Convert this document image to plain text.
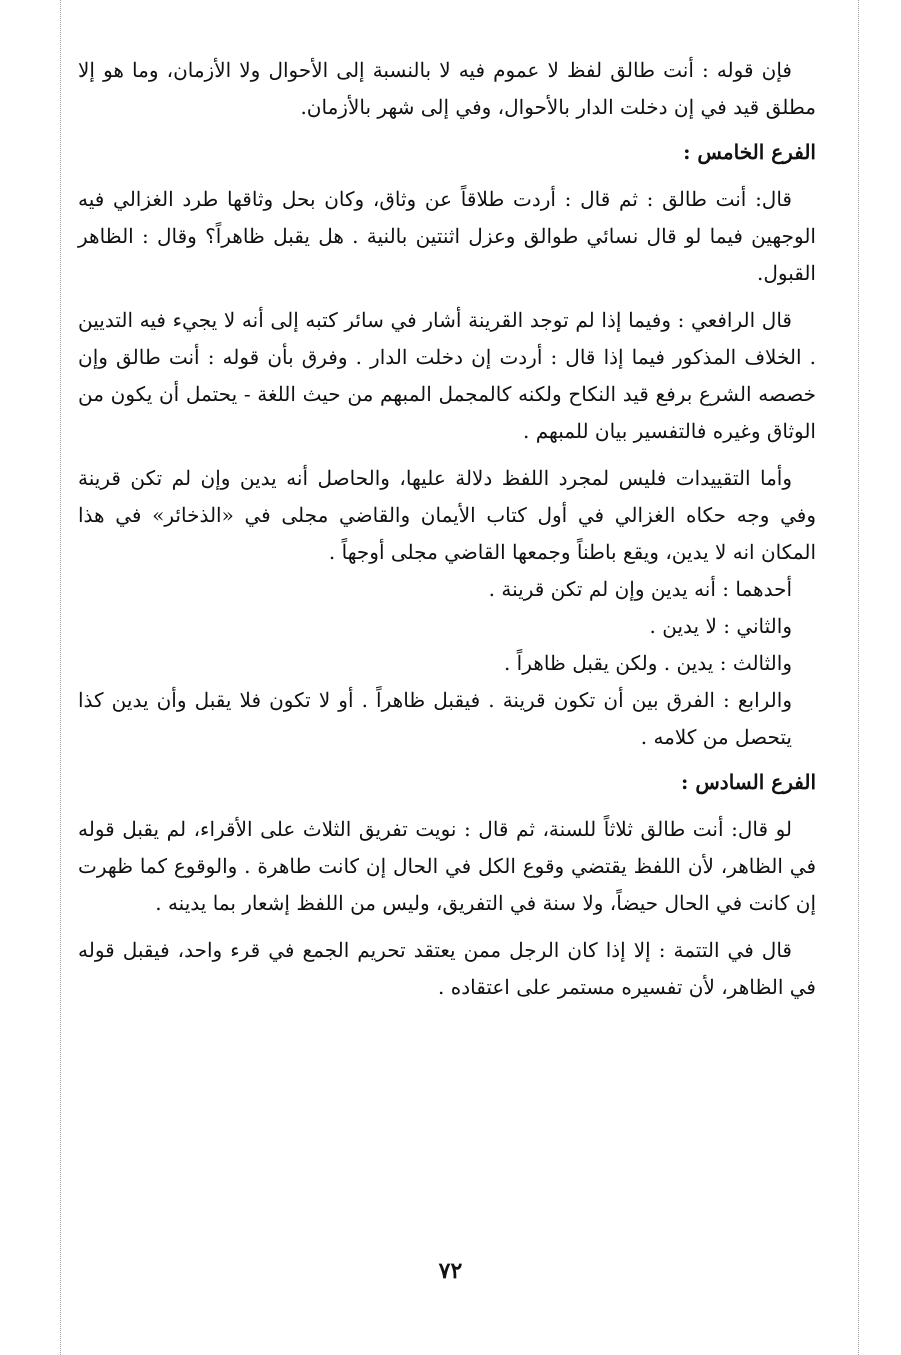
فإن قوله : أنت طالق لفظ لا عموم فيه لا بالنسبة إلى الأحوال ولا الأزمان، وما هو إلا مطلق قيد في إن دخلت الدار بالأحوال، وفي إلى شهر بالأزمان.

الفرع الخامس :

قال: أنت طالق : ثم قال : أردت طلاقاً عن وثاق، وكان بحل وثاقها طرد الغزالي فيه الوجهين فيما لو قال نسائي طوالق وعزل اثنتين بالنية . هل يقبل ظاهراً؟ وقال : الظاهر القبول.

قال الرافعي : وفيما إذا لم توجد القرينة أشار في سائر كتبه إلى أنه لا يجيء فيه التديين . الخلاف المذكور فيما إذا قال : أردت إن دخلت الدار . وفرق بأن قوله : أنت طالق وإن خصصه الشرع برفع قيد النكاح ولكنه كالمجمل المبهم من حيث اللغة - يحتمل أن يكون من الوثاق وغيره فالتفسير بيان للمبهم .

وأما التقييدات فليس لمجرد اللفظ دلالة عليها، والحاصل أنه يدين وإن لم تكن قرينة وفي وجه حكاه الغزالي في أول كتاب الأيمان والقاضي مجلى في «الذخائر» في هذا المكان انه لا يدين، ويقع باطناً وجمعها القاضي مجلى أوجهاً .

أحدهما : أنه يدين وإن لم تكن قرينة .

والثاني : لا يدين .

والثالث : يدين . ولكن يقبل ظاهراً .

والرابع : الفرق بين أن تكون قرينة . فيقبل ظاهراً . أو لا تكون فلا يقبل وأن يدين كذا يتحصل من كلامه .

الفرع السادس :

لو قال: أنت طالق ثلاثاً للسنة، ثم قال : نويت تفريق الثلاث على الأقراء، لم يقبل قوله في الظاهر، لأن اللفظ يقتضي وقوع الكل في الحال إن كانت طاهرة . والوقوع كما ظهرت إن كانت في الحال حيضاً، ولا سنة في التفريق، وليس من اللفظ إشعار بما يدينه .

قال في التتمة : إلا إذا كان الرجل ممن يعتقد تحريم الجمع في قرء واحد، فيقبل قوله في الظاهر، لأن تفسيره مستمر على اعتقاده .

٧٢
